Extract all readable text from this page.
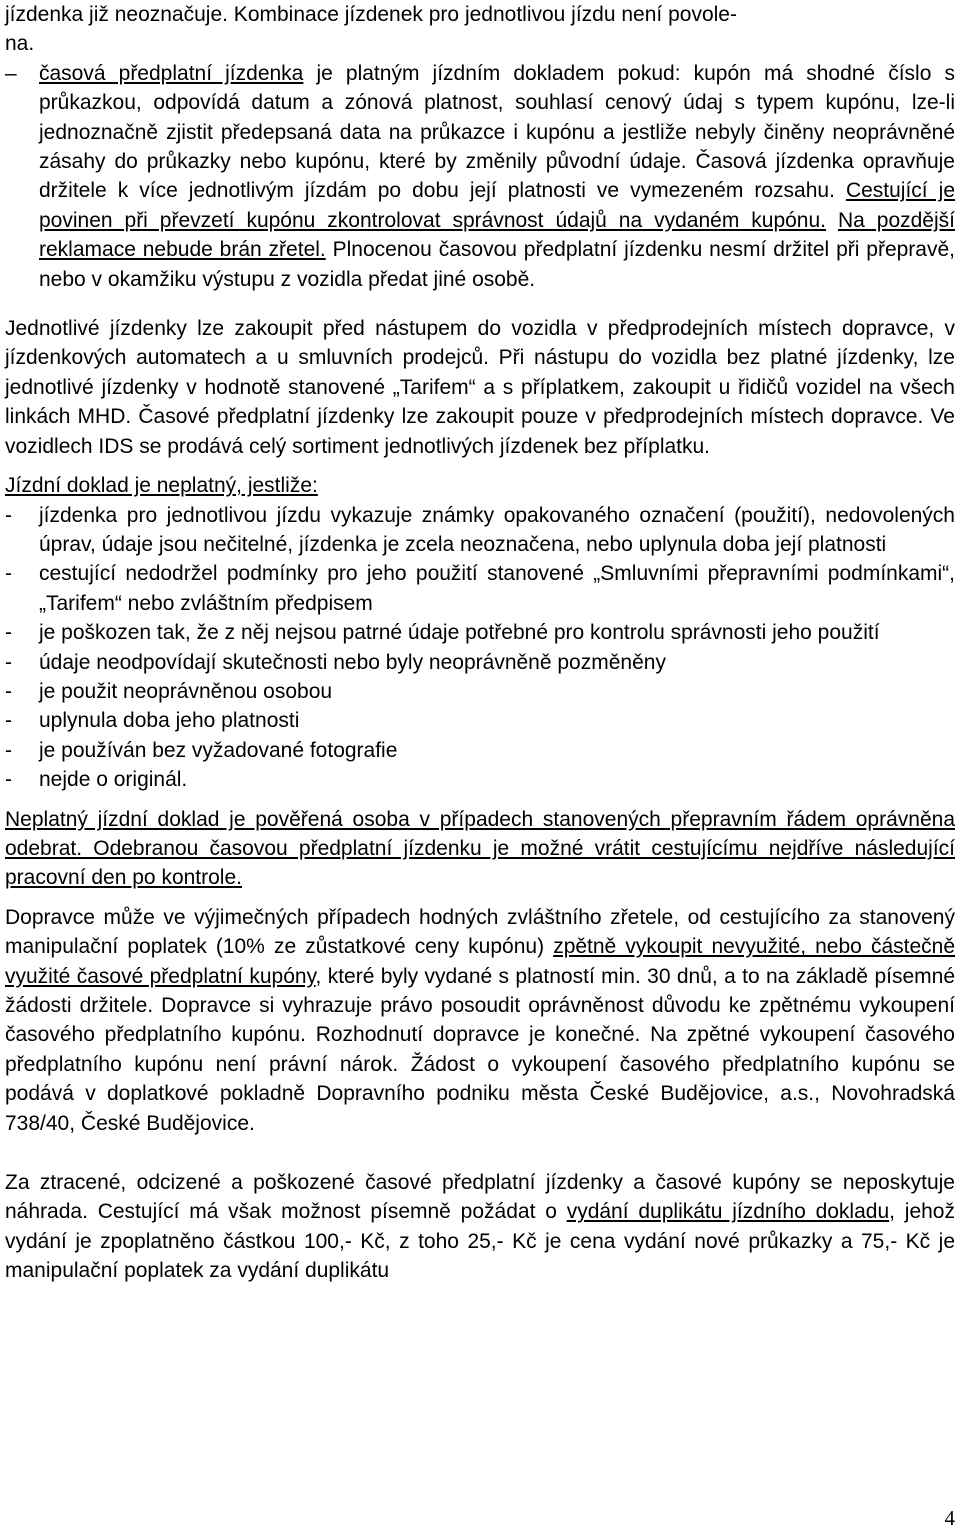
jízdenka již neoznačuje. Kombinace jízdenek pro jednotlivou jízdu není povole-
na.

–	časová předplatní jízdenka je platným jízdním dokladem pokud: kupón má shodné číslo s průkazkou, odpovídá datum a zónová platnost, souhlasí cenový údaj s typem kupónu, lze-li jednoznačně zjistit předepsaná data na průkazce i kupónu a jestliže nebyly činěny neoprávněné zásahy do průkazky nebo kupónu, které by změnily původní údaje. Časová jízdenka opravňuje držitele k více jednotlivým jízdám po dobu její platnosti ve vymezeném rozsahu. Cestující je povinen při převzetí kupónu zkontrolovat správnost údajů na vydaném kupónu. Na pozdější reklamace nebude brán zřetel. Plnocenou časovou předplatní jízdenku nesmí držitel při přepravě, nebo v okamžiku výstupu z vozidla předat jiné osobě.

Jednotlivé jízdenky lze zakoupit před nástupem do vozidla v předprodejních místech dopravce, v jízdenkových automatech a u smluvních prodejců. Při nástupu do vozidla bez platné jízdenky, lze jednotlivé jízdenky v hodnotě stanovené „Tarifem“ a s příplatkem, zakoupit u řidičů vozidel na všech linkách MHD. Časové předplatní jízdenky lze zakoupit pouze v předprodejních místech dopravce. Ve vozidlech IDS se prodává celý sortiment jednotlivých jízdenek bez příplatku.

Jízdní doklad je neplatný, jestliže:

-	jízdenka pro jednotlivou jízdu vykazuje známky opakovaného označení (použití), nedovolených úprav, údaje jsou nečitelné, jízdenka je zcela neoznačena, nebo uplynula doba její platnosti

-	cestující nedodržel podmínky pro jeho použití stanovené „Smluvními přepravními podmínkami“, „Tarifem“ nebo zvláštním předpisem

-	je poškozen tak, že z něj nejsou patrné údaje potřebné pro kontrolu správnosti jeho použití

-	údaje neodpovídají skutečnosti nebo byly neoprávněně pozměněny

-	je použit neoprávněnou osobou

-	uplynula doba jeho platnosti

-	je používán bez vyžadované fotografie

-	nejde o originál.

Neplatný jízdní doklad je pověřená osoba v případech stanovených přepravním řádem oprávněna odebrat. Odebranou časovou předplatní jízdenku je možné vrátit cestujícímu nejdříve následující pracovní den po kontrole.

Dopravce může ve výjimečných případech hodných zvláštního zřetele, od cestujícího za stanovený manipulační poplatek (10% ze zůstatkové ceny kupónu) zpětně vykoupit nevyužité, nebo částečně využité časové předplatní kupóny, které byly vydané s platností min. 30 dnů, a to na základě písemné žádosti držitele. Dopravce si vyhrazuje právo posoudit oprávněnost důvodu ke zpětnému vykoupení časového předplatního kupónu. Rozhodnutí dopravce je konečné. Na zpětné vykoupení časového předplatního kupónu není právní nárok. Žádost o vykoupení časového předplatního kupónu se podává v doplatkové pokladně Dopravního podniku města České Budějovice, a.s., Novohradská 738/40, České Budějovice.

Za ztracené, odcizené a poškozené časové předplatní jízdenky a časové kupóny se neposkytuje náhrada. Cestující má však možnost písemně požádat o vydání duplikátu jízdního dokladu, jehož vydání je zpoplatněno částkou 100,- Kč, z toho 25,- Kč je cena vydání nové průkazky a 75,- Kč je manipulační poplatek za vydání duplikátu

4
